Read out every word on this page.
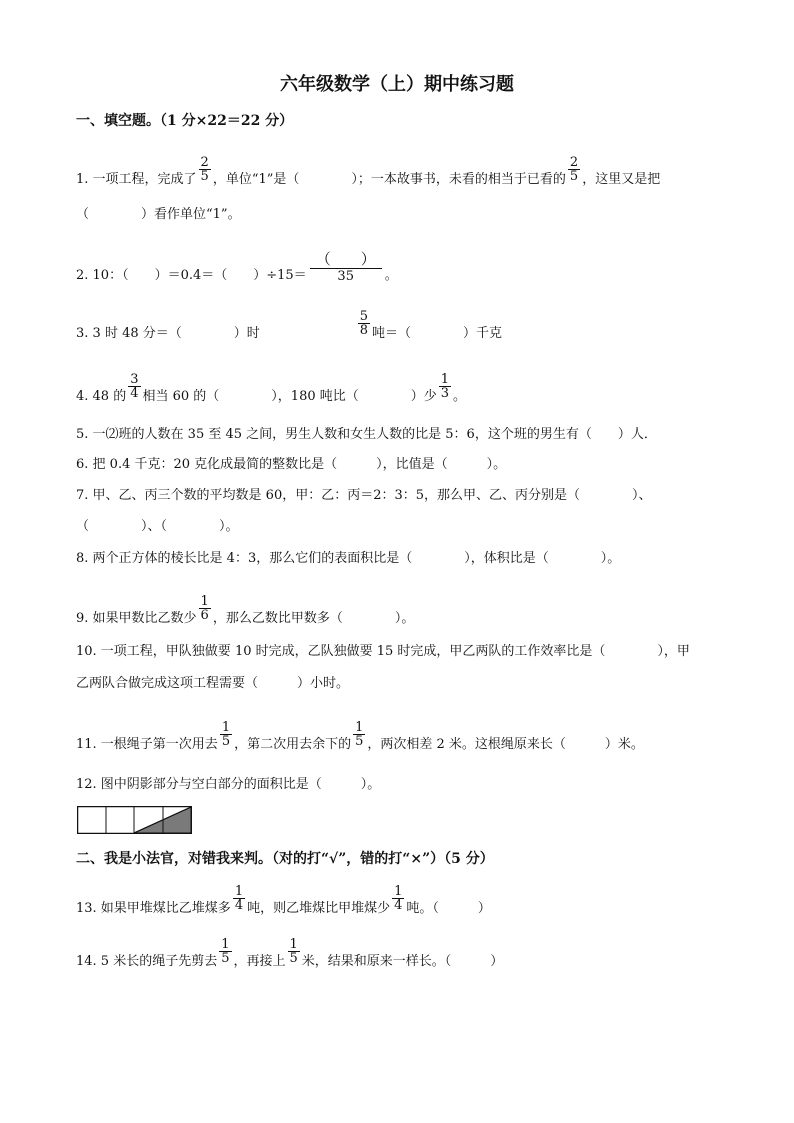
六年级数学（上）期中练习题
一、填空题。（1 分×22＝22 分）
1. 一项工程，完成了 $\frac{2}{5}$ ，单位“1”是（　　　　）；一本故事书，未看的相当于已看的 $\frac{2}{5}$ ，这里又是把
（　　　　）看作单位“1”。
2. 10：（　　）＝0.4＝（　　）$\div 15= \frac{( )}{35}$ 。
3. 3 时 48 分＝（　　　　）时	$\frac{5}{8}$ 吨＝（　　　　）千克
4. 48 的 $\frac{3}{4}$ 相当 60 的（　　　　），180 吨比（　　　　）少 $\frac{1}{3}$ 。
5. 一⑵班的人数在 35 至 45 之间，男生人数和女生人数的比是 5：6，这个班的男生有（　　）人．
6. 把 0.4 千克：20 克化成最简的整数比是（　　　），比值是（　　　）。
7. 甲、乙、丙三个数的平均数是 60，甲：乙：丙＝2：3：5，那么甲、乙、丙分别是（　　　　）、
（　　　　）、（　　　　）。
8. 两个正方体的棱长比是 4：3，那么它们的表面积比是（　　　　），体积比是（　　　　）。
9. 如果甲数比乙数少 $\frac{1}{6}$ ，那么乙数比甲数多（　　　　）。
10. 一项工程，甲队独做要 10 时完成，乙队独做要 15 时完成，甲乙两队的工作效率比是（　　　　），甲
乙两队合做完成这项工程需要（　　　）小时。
11. 一根绳子第一次用去 $\frac{1}{5}$ ，第二次用去余下的 $\frac{1}{5}$ ，两次相差 2 米。这根绳原来长（　　　）米。
12. 图中阴影部分与空白部分的面积比是（　　　）。
二、我是小法官，对错我来判。（对的打“√”，错的打“×”）（5 分）
13. 如果甲堆煤比乙堆煤多 $\frac{1}{4}$ 吨，则乙堆煤比甲堆煤少 $\frac{1}{4}$ 吨。（　　　）
14. 5 米长的绳子先剪去 $\frac{1}{5}$ ，再接上 $\frac{1}{5}$ 米，结果和原来一样长。（　　　）
